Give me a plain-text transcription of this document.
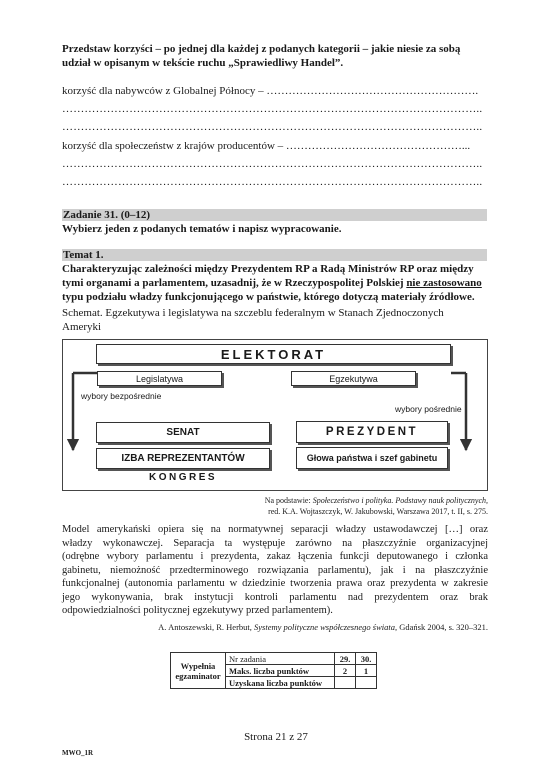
Przedstaw korzyści – po jednej dla każdej z podanych kategorii – jakie niesie za sobą
udział w opisanym w tekście ruchu „Sprawiedliwy Handel”.
korzyść dla nabywców z Globalnej Północy – ………………………………………………….
…………………………………………………………………………………………………..
…………………………………………………………………………………………………..
korzyść dla społeczeństw z krajów producentów – …………………………………………...
…………………………………………………………………………………………………..
…………………………………………………………………………………………………..
Zadanie 31. (0–12)
Wybierz jeden z podanych tematów i napisz wypracowanie.
Temat 1.
Charakteryzując zależności między Prezydentem RP a Radą Ministrów RP oraz między
tymi organami a parlamentem, uzasadnij, że w Rzeczypospolitej Polskiej nie zastosowano
typu podziału władzy funkcjonującego w państwie, którego dotyczą materiały źródłowe.
Schemat. Egzekutywa i legislatywa na szczeblu federalnym w Stanach Zjednoczonych
Ameryki
ELEKTORAT
Legislatywa	Egzekutywa
wybory bezpośrednie
wybory pośrednie
SENAT
IZBA REPREZENTANTÓW
KONGRES
PREZYDENT
Głowa państwa i szef gabinetu
Na podstawie: Społeczeństwo i polityka. Podstawy nauk politycznych,
red. K.A. Wojtaszczyk, W. Jakubowski, Warszawa 2017, t. II, s. 275.
Model amerykański opiera się na normatywnej separacji władzy ustawodawczej […] oraz
władzy wykonawczej. Separacja ta występuje zarówno na płaszczyźnie organizacyjnej
(odrębne wybory parlamentu i prezydenta, zakaz łączenia funkcji deputowanego i członka
gabinetu, niemożność przedterminowego rozwiązania parlamentu), jak i na płaszczyźnie
funkcjonalnej (autonomia parlamentu w dziedzinie tworzenia prawa oraz prezydenta w zakresie
jego wykonywania, brak instytucji kontroli parlamentu nad prezydentem oraz brak
odpowiedzialności politycznej egzekutywy przed parlamentem).
A. Antoszewski, R. Herbut, Systemy polityczne współczesnego świata, Gdańsk 2004, s. 320–321.
Wypełnia
egzaminator	Nr zadania	29.	30.
	Maks. liczba punktów	2	1
	Uzyskana liczba punktów		
Strona 21 z 27
MWO_1R
